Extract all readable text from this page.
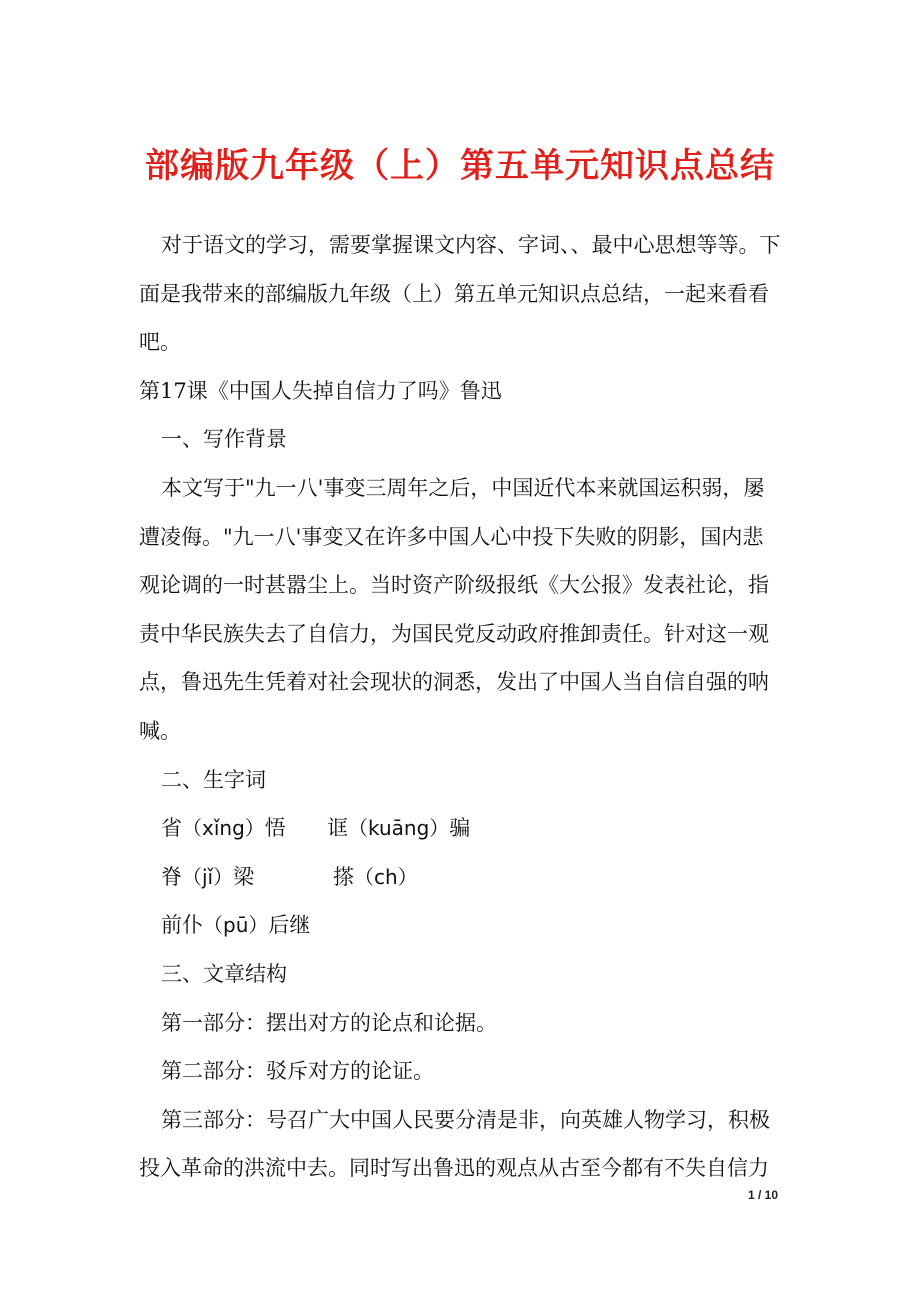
部编版九年级（上）第五单元知识点总结

对于语文的学习，需要掌握课文内容、字词、、最中心思想等等。下面是我带来的部编版九年级（上）第五单元知识点总结，一起来看看吧。

第17课《中国人失掉自信力了吗》鲁迅

一、写作背景

本文写于"九一八'事变三周年之后，中国近代本来就国运积弱，屡遭凌侮。"九一八'事变又在许多中国人心中投下失败的阴影，国内悲观论调的一时甚嚣尘上。当时资产阶级报纸《大公报》发表社论，指责中华民族失去了自信力，为国民党反动政府推卸责任。针对这一观点，鲁迅先生凭着对社会现状的洞悉，发出了中国人当自信自强的呐喊。

二、生字词

省（xǐng）悟 诓（kuāng）骗
脊（jǐ）梁	搽（ch）
前仆（pū）后继

三、文章结构

第一部分：摆出对方的论点和论据。

第二部分：驳斥对方的论证。

第三部分：号召广大中国人民要分清是非，向英雄人物学习，积极投入革命的洪流中去。同时写出鲁迅的观点从古至今都有不失自信力

1 / 10
